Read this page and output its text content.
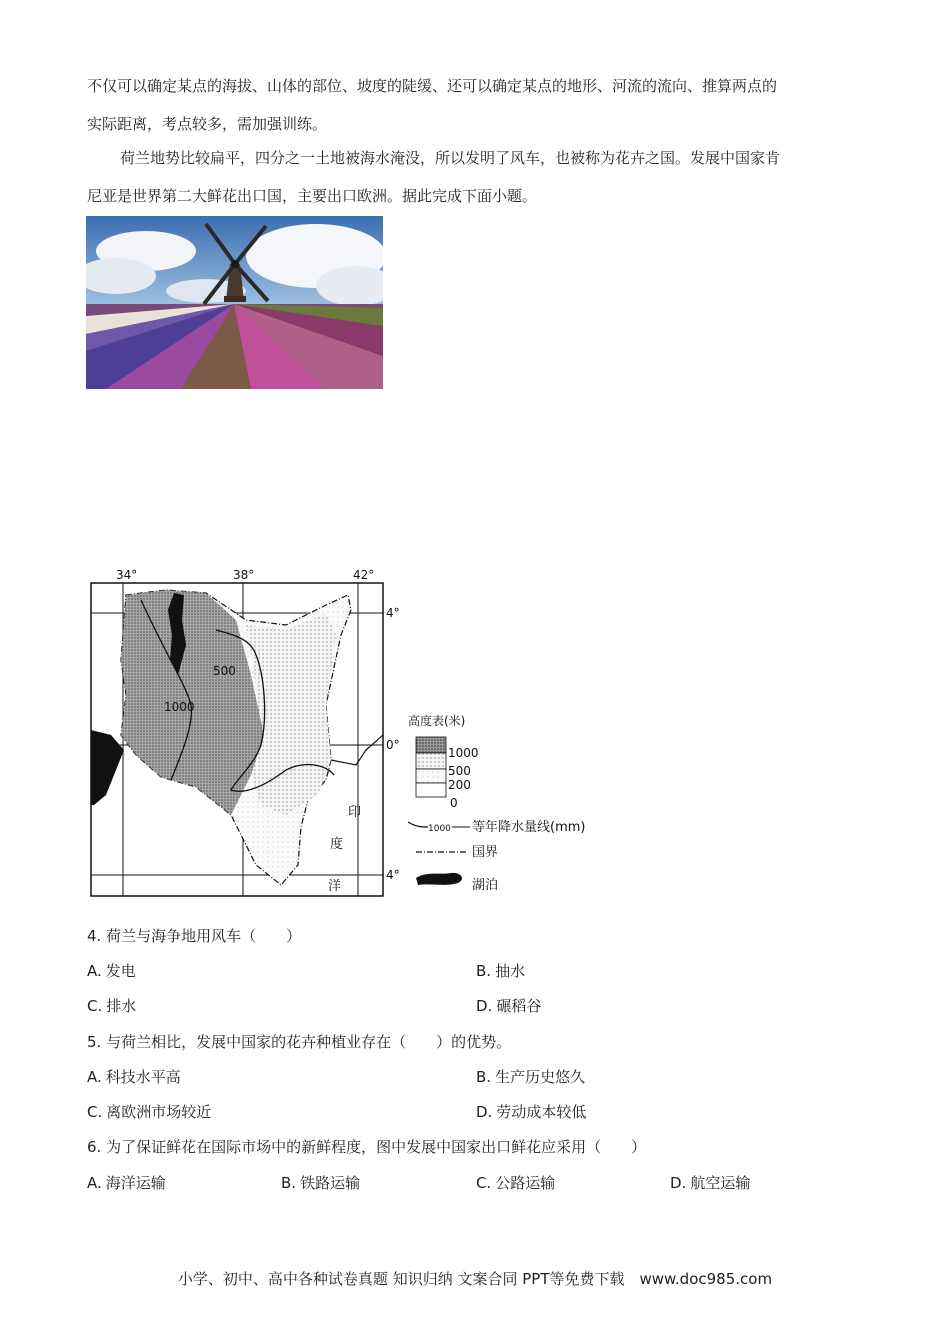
不仅可以确定某点的海拔、山体的部位、坡度的陡缓、还可以确定某点的地形、河流的流向、推算两点的
实际距离，考点较多，需加强训练。
荷兰地势比较扁平，四分之一土地被海水淹没，所以发明了风车，也被称为花卉之国。发展中国家肯
尼亚是世界第二大鲜花出口国，主要出口欧洲。据此完成下面小题。
34°	38°	42°
4°
0°
4°
500
1000
印
度
洋
高度表(米)
1000
500
200
0
1000 等年降水量线(mm)
国界
湖泊
4. 荷兰与海争地用风车（　　）
A. 发电	B. 抽水
C. 排水	D. 碾稻谷
5. 与荷兰相比，发展中国家的花卉种植业存在（　　）的优势。
A. 科技水平高	B. 生产历史悠久
C. 离欧洲市场较近	D. 劳动成本较低
6. 为了保证鲜花在国际市场中的新鲜程度，图中发展中国家出口鲜花应采用（　　）
A. 海洋运输	B. 铁路运输	C. 公路运输	D. 航空运输
小学、初中、高中各种试卷真题 知识归纳 文案合同 PPT等免费下载　www.doc985.com
